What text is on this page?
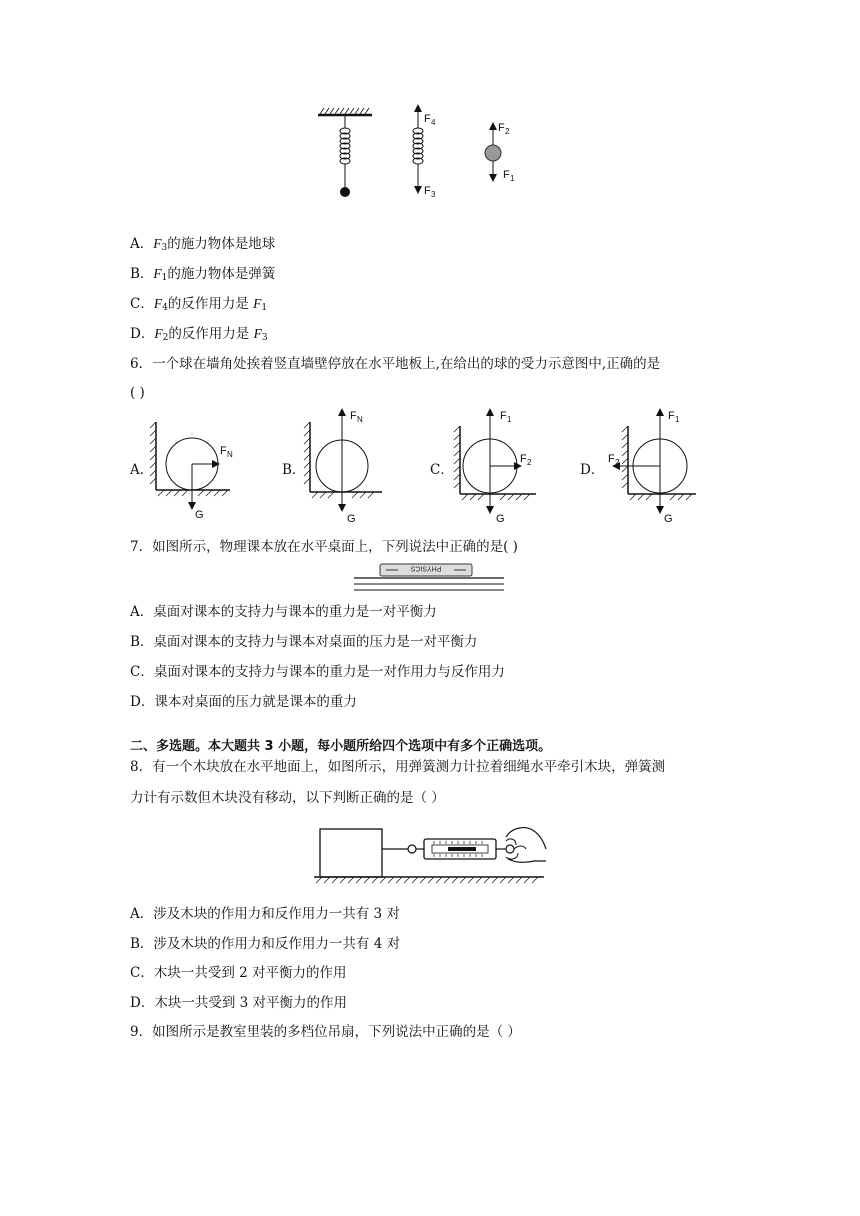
F 4
F 3
F 2
F 1
A．$F_3$的施力物体是地球
B．$F_1$的施力物体是弹簧
C．$F_4$的反作用力是 $F_1$
D．$F_2$的反作用力是 $F_3$
6．一个球在墙角处挨着竖直墙壁停放在水平地板上,在给出的球的受力示意图中,正确的是
( )
A．
F N
G
B．
F N
G
C．
F 1
F 2
G
D．
F 1
F 2
G
7．如图所示，物理课本放在水平桌面上，下列说法中正确的是( )
PHYSICS
A．桌面对课本的支持力与课本的重力是一对平衡力
B．桌面对课本的支持力与课本对桌面的压力是一对平衡力
C．桌面对课本的支持力与课本的重力是一对作用力与反作用力
D．课本对桌面的压力就是课本的重力
二、多选题。本大题共 3 小题，每小题所给四个选项中有多个正确选项。
8．有一个木块放在水平地面上，如图所示，用弹簧测力计拉着细绳水平牵引木块，弹簧测
力计有示数但木块没有移动，以下判断正确的是（ ）
A．涉及木块的作用力和反作用力一共有 3 对
B．涉及木块的作用力和反作用力一共有 4 对
C．木块一共受到 2 对平衡力的作用
D．木块一共受到 3 对平衡力的作用
9．如图所示是教室里装的多档位吊扇，下列说法中正确的是（ ）
